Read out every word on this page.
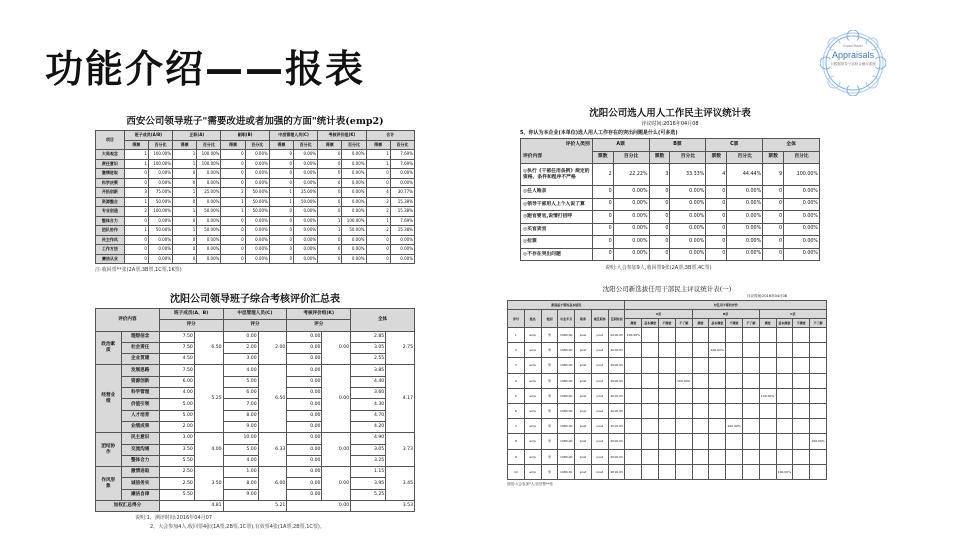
功能介绍——报表
Grand Bauer
Appraisals
大数据领导干部综合测评系统
西安公司领导班子"需要改进或者加强的方面"统计表(emp2)
项目	班子成员(A/B)		正职(A)		副职(B)		中层管理人员(C)		考核评价组(K)		合计	
	得票	百分比	得票	百分比	得票	百分比	得票	百分比	得票	百分比	得票	百分比
大局观念	1	100.00%	1	100.00%	0	0.00%	0	0.00%	0	0.00%	1	7.69%
责任意识	1	100.00%	1	100.00%	0	0.00%	0	0.00%	0	0.00%	1	7.69%
激情进取	0	0.00%	0	0.00%	0	0.00%	0	0.00%	0	0.00%	0	0.00%
科学决策	0	0.00%	0	0.00%	0	0.00%	0	0.00%	0	0.00%	0	0.00%
开拓创新	3	75.00%	1	25.00%	2	50.00%	1	25.00%	0	0.00%	4	30.77%
资源整合	1	50.00%	0	0.00%	1	50.00%	1	50.00%	0	0.00%	2	15.38%
专业创造	2	100.00%	1	50.00%	1	50.00%	0	0.00%	0	0.00%	2	15.38%
整体合力	0	0.00%	0	0.00%	0	0.00%	0	0.00%	1	100.00%	1	7.69%
团队协作	1	50.00%	1	50.00%	0	0.00%	0	0.00%	1	50.00%	2	15.38%
民主作风	0	0.00%	0	0.00%	0	0.00%	0	0.00%	0	0.00%	0	0.00%
工作方法	0	0.00%	0	0.00%	0	0.00%	0	0.00%	0	0.00%	0	0.00%
廉洁从业	0	0.00%	0	0.00%	0	0.00%	0	0.00%	0	0.00%	0	0.00%
注:收回票**张(2A票,3B票,1C票,1K票)
沈阳公司领导班子综合考核评价汇总表
评价内容		班子成员(A、B)		中层管理人员(C)		考核评价组(K)		全体	
		评分		评分		评分			
政治素质	理想信念	7.50	6.50	0.00	2.00	0.00	0.00	2.85	2.75
	社会责任	7.50		2.00		0.00		3.05	
	企业贯建	4.50		3.00		0.00		2.55	
经营业绩	发展思路	7.50	5.25	4.00	6.50	0.00	0.00	3.85	4.17
	资源创新	6.00		5.00		0.00		4.40	
	科学管理	4.00		6.00		0.00		3.60	
	价值引领	5.00		7.00		0.00		4.30	
	人才培育	5.00		8.00		0.00		4.70	
	业绩成果	2.00		9.00		0.00		4.20	
团结协作	民主意识	3.00	4.00	10.00	6.33	0.00	0.00	4.90	3.73
	交流沟通	3.50		5.00		0.00		3.05	
	整体合力	5.50		4.00		0.00		3.25	
作风形象	激情进取	2.50	3.50	1.00	6.00	0.00	0.00	1.15	3.45
	诚信务实	2.50		8.00		0.00		3.95	
	廉洁自律	5.50		9.00		0.00		5.25	
加权汇总得分		4.81		5.21		0.00		3.53	
说明:1、测评时间:2016年04月07
2、大会参加4人,收回票4张(1A票,2B票,1C票),有效票4张(1A票,2B票,1C票)。
沈阳公司选人用人工作民主评议统计表
评议时间:2016年04月08
5、你认为本企业(本单位)选人用人工作存在的突出问题是什么(可多选)
评价内容
评价人类别	A票		B票		C票		全体	
	票数	百分比	票数	百分比	票数	百分比	票数	百分比
◎执行《干部任用条例》规定的资格、条件和程序不严格	2	22.22%	3	33.33%	4	44.44%	9	100.00%
◎任人唯亲	0	0.00%	0	0.00%	0	0.00%	0	0.00%
◎领导干部用人上个人说了算	0	0.00%	0	0.00%	0	0.00%	0	0.00%
◎跑官要官,说情打招呼	0	0.00%	0	0.00%	0	0.00%	0	0.00%
◎买官卖官	0	0.00%	0	0.00%	0	0.00%	0	0.00%
◎拉票	0	0.00%	0	0.00%	0	0.00%	0	0.00%
◎不存在突出问题	0	0.00%	0	0.00%	0	0.00%	0	0.00%
说明:大会参加9人,收回票9张(2A票,3B票,4C票)
沈阳公司新选拔任用干部民主评议统计表(一)
评议时间:2016年04月08
新提拔干部的基本情况							对任用干部的评价											
序号	姓名	性别	出生年月	职务	现任职务	任职时间	A票				B票				C票			
							满意	基本满意	不满意	不了解	满意	基本满意	不满意	不了解	满意	基本满意	不满意	不了解
1	emp	男	1980.00	post	post	2016.03	100.00%											
2	emp	男	1980.00	post	post	2016.03						100.00%						
3	emp	男	1980.00	post	post	2016.03												
4	emp	男	1980.00	post	post	2016.03				100.00%								
5	emp	男	1980.00	post	post	2016.03									100.00%			
6	emp	男	1980.00	post	post	2016.03												
7	emp	男	1980.00	post	post	2016.03							100.00%					
8	emp	男	1980.00	post	post	2016.03												100.00%
9	emp	男	1980.00	post	post	2016.03												
10	emp	男	1980.00	post	post	2016.03										100.00%		
说明:大会参加*人,收回票**张
